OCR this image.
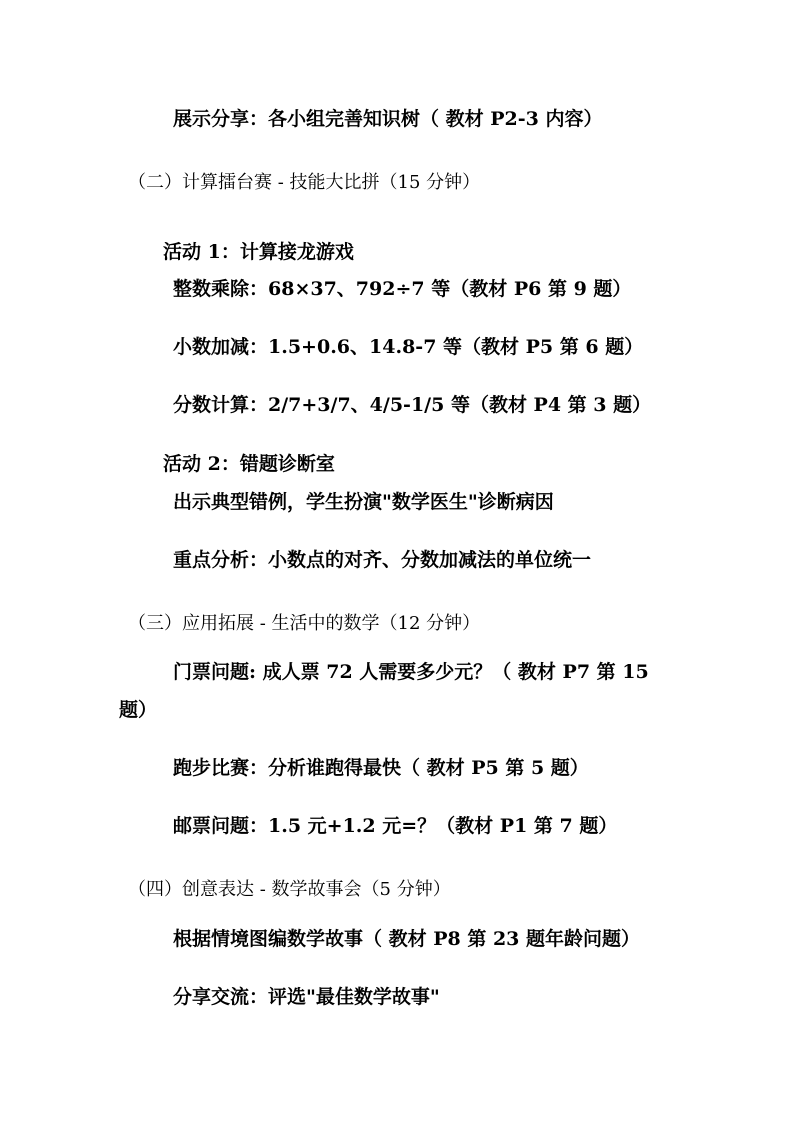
展示分享：各小组完善知识树（ 教材 P2-3 内容）
（二）计算擂台赛 - 技能大比拼（15 分钟）
活动 1：计算接龙游戏
整数乘除：68×37、792÷7 等（教材 P6 第 9 题）
小数加减：1.5+0.6、14.8-7 等（教材 P5 第 6 题）
分数计算：2/7+3/7、4/5-1/5 等（教材 P4 第 3 题）
活动 2：错题诊断室
出示典型错例，学生扮演"数学医生"诊断病因
重点分析：小数点的对齐、分数加减法的单位统一
（三）应用拓展 - 生活中的数学（12 分钟）
门票问题: 成人票 72 人需要多少元？（ 教材 P7 第 15
题）
跑步比赛：分析谁跑得最快（ 教材 P5 第 5 题）
邮票问题：1.5 元+1.2 元=？（教材 P1 第 7 题）
（四）创意表达 - 数学故事会（5 分钟）
根据情境图编数学故事（ 教材 P8 第 23 题年龄问题）
分享交流：评选"最佳数学故事"
